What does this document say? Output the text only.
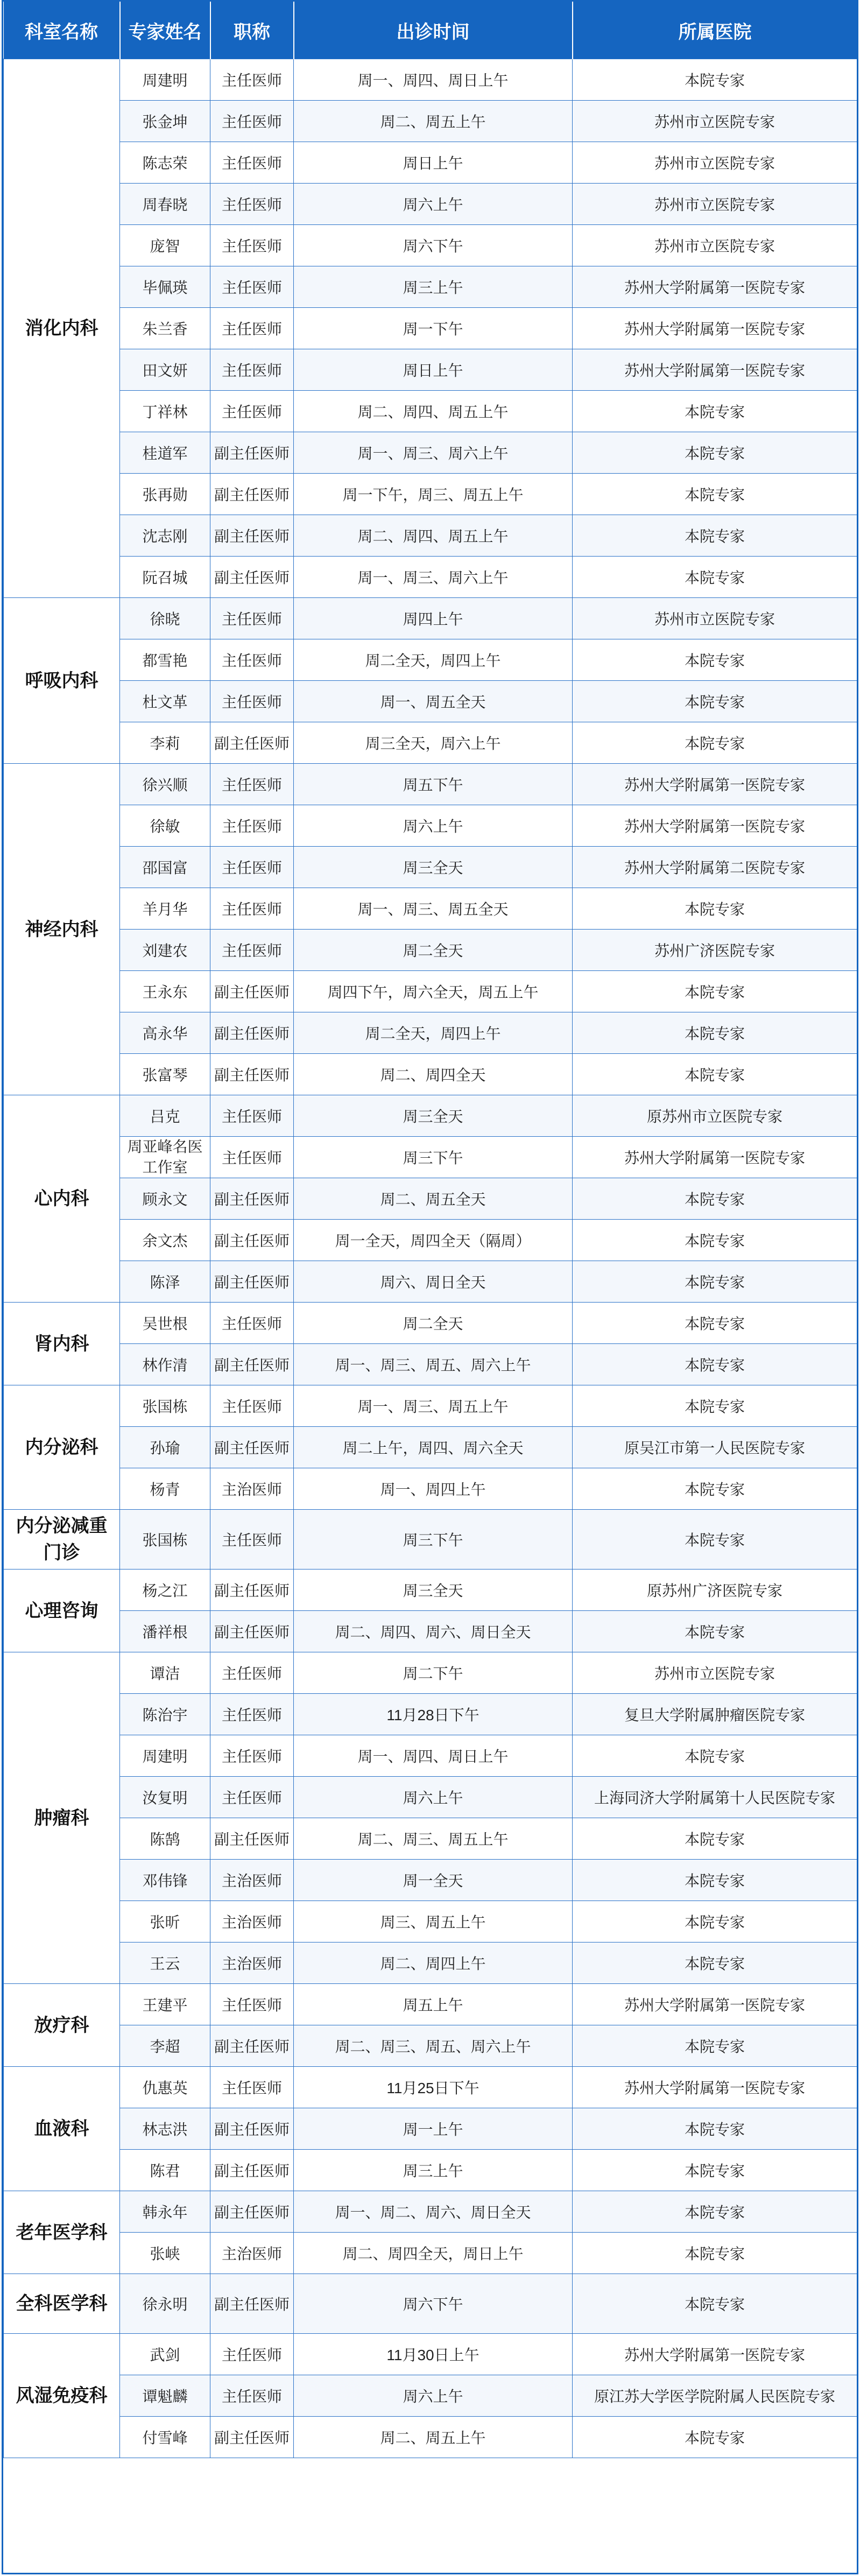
科室名称	专家姓名	职称	出诊时间	所属医院
消化内科	周建明	主任医师	周一、周四、周日上午	本院专家
	张金坤	主任医师	周二、周五上午	苏州市立医院专家
	陈志荣	主任医师	周日上午	苏州市立医院专家
	周春晓	主任医师	周六上午	苏州市立医院专家
	庞智	主任医师	周六下午	苏州市立医院专家
	毕佩瑛	主任医师	周三上午	苏州大学附属第一医院专家
	朱兰香	主任医师	周一下午	苏州大学附属第一医院专家
	田文妍	主任医师	周日上午	苏州大学附属第一医院专家
	丁祥林	主任医师	周二、周四、周五上午	本院专家
	桂道军	副主任医师	周一、周三、周六上午	本院专家
	张再勋	副主任医师	周一下午，周三、周五上午	本院专家
	沈志刚	副主任医师	周二、周四、周五上午	本院专家
	阮召城	副主任医师	周一、周三、周六上午	本院专家
呼吸内科	徐晓	主任医师	周四上午	苏州市立医院专家
	都雪艳	主任医师	周二全天，周四上午	本院专家
	杜文革	主任医师	周一、周五全天	本院专家
	李莉	副主任医师	周三全天，周六上午	本院专家
神经内科	徐兴顺	主任医师	周五下午	苏州大学附属第一医院专家
	徐敏	主任医师	周六上午	苏州大学附属第一医院专家
	邵国富	主任医师	周三全天	苏州大学附属第二医院专家
	羊月华	主任医师	周一、周三、周五全天	本院专家
	刘建农	主任医师	周二全天	苏州广济医院专家
	王永东	副主任医师	周四下午，周六全天，周五上午	本院专家
	高永华	副主任医师	周二全天，周四上午	本院专家
	张富琴	副主任医师	周二、周四全天	本院专家
心内科	吕克	主任医师	周三全天	原苏州市立医院专家
	周亚峰名医工作室	主任医师	周三下午	苏州大学附属第一医院专家
	顾永文	副主任医师	周二、周五全天	本院专家
	余文杰	副主任医师	周一全天，周四全天（隔周）	本院专家
	陈泽	副主任医师	周六、周日全天	本院专家
肾内科	吴世根	主任医师	周二全天	本院专家
	林作清	副主任医师	周一、周三、周五、周六上午	本院专家
内分泌科	张国栋	主任医师	周一、周三、周五上午	本院专家
	孙瑜	副主任医师	周二上午，周四、周六全天	原吴江市第一人民医院专家
	杨青	主治医师	周一、周四上午	本院专家
内分泌减重门诊	张国栋	主任医师	周三下午	本院专家
心理咨询	杨之江	副主任医师	周三全天	原苏州广济医院专家
	潘祥根	副主任医师	周二、周四、周六、周日全天	本院专家
肿瘤科	谭洁	主任医师	周二下午	苏州市立医院专家
	陈治宇	主任医师	11月28日下午	复旦大学附属肿瘤医院专家
	周建明	主任医师	周一、周四、周日上午	本院专家
	汝复明	主任医师	周六上午	上海同济大学附属第十人民医院专家
	陈鹄	副主任医师	周二、周三、周五上午	本院专家
	邓伟锋	主治医师	周一全天	本院专家
	张昕	主治医师	周三、周五上午	本院专家
	王云	主治医师	周二、周四上午	本院专家
放疗科	王建平	主任医师	周五上午	苏州大学附属第一医院专家
	李超	副主任医师	周二、周三、周五、周六上午	本院专家
血液科	仇惠英	主任医师	11月25日下午	苏州大学附属第一医院专家
	林志洪	副主任医师	周一上午	本院专家
	陈君	副主任医师	周三上午	本院专家
老年医学科	韩永年	副主任医师	周一、周二、周六、周日全天	本院专家
	张峡	主治医师	周二、周四全天，周日上午	本院专家
全科医学科	徐永明	副主任医师	周六下午	本院专家
风湿免疫科	武剑	主任医师	11月30日上午	苏州大学附属第一医院专家
	谭魁麟	主任医师	周六上午	原江苏大学医学院附属人民医院专家
	付雪峰	副主任医师	周二、周五上午	本院专家
